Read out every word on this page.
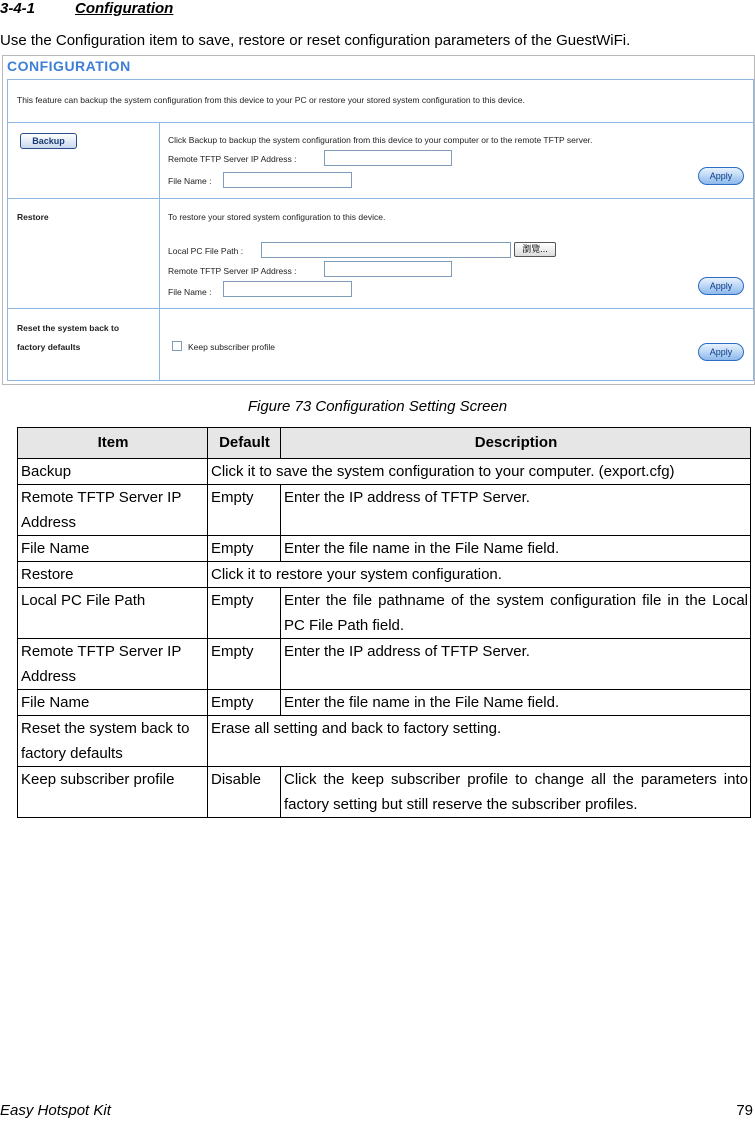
3-4-1	Configuration
Use the Configuration item to save, restore or reset configuration parameters of the GuestWiFi.
CONFIGURATION
This feature can backup the system configuration from this device to your PC or restore your stored system configuration to this device.
Backup	Click Backup to backup the system configuration from this device to your computer or to the remote TFTP server.
Remote TFTP Server IP Address :
File Name :	Apply
Restore	To restore your stored system configuration to this device.
Local PC File Path :	瀏覽...
Remote TFTP Server IP Address :
File Name :
Apply
Reset the system back to
factory defaults	Keep subscriber profile	Apply
Figure 73 Configuration Setting Screen
Item	Default	Description
Backup	Click it to save the system configuration to your computer. (export.cfg)	
Remote TFTP Server IP Address	Empty	Enter the IP address of TFTP Server.
File Name	Empty	Enter the file name in the File Name field.
Restore	Click it to restore your system configuration.	
Local PC File Path	Empty	Enter the file pathname of the system configuration file in the Local PC File Path field.
Remote TFTP Server IP Address	Empty	Enter the IP address of TFTP Server.
File Name	Empty	Enter the file name in the File Name field.
Reset the system back to factory defaults	Erase all setting and back to factory setting.	
Keep subscriber profile	Disable	Click the keep subscriber profile to change all the parameters into factory setting but still reserve the subscriber profiles.
Easy Hotspot Kit	79
